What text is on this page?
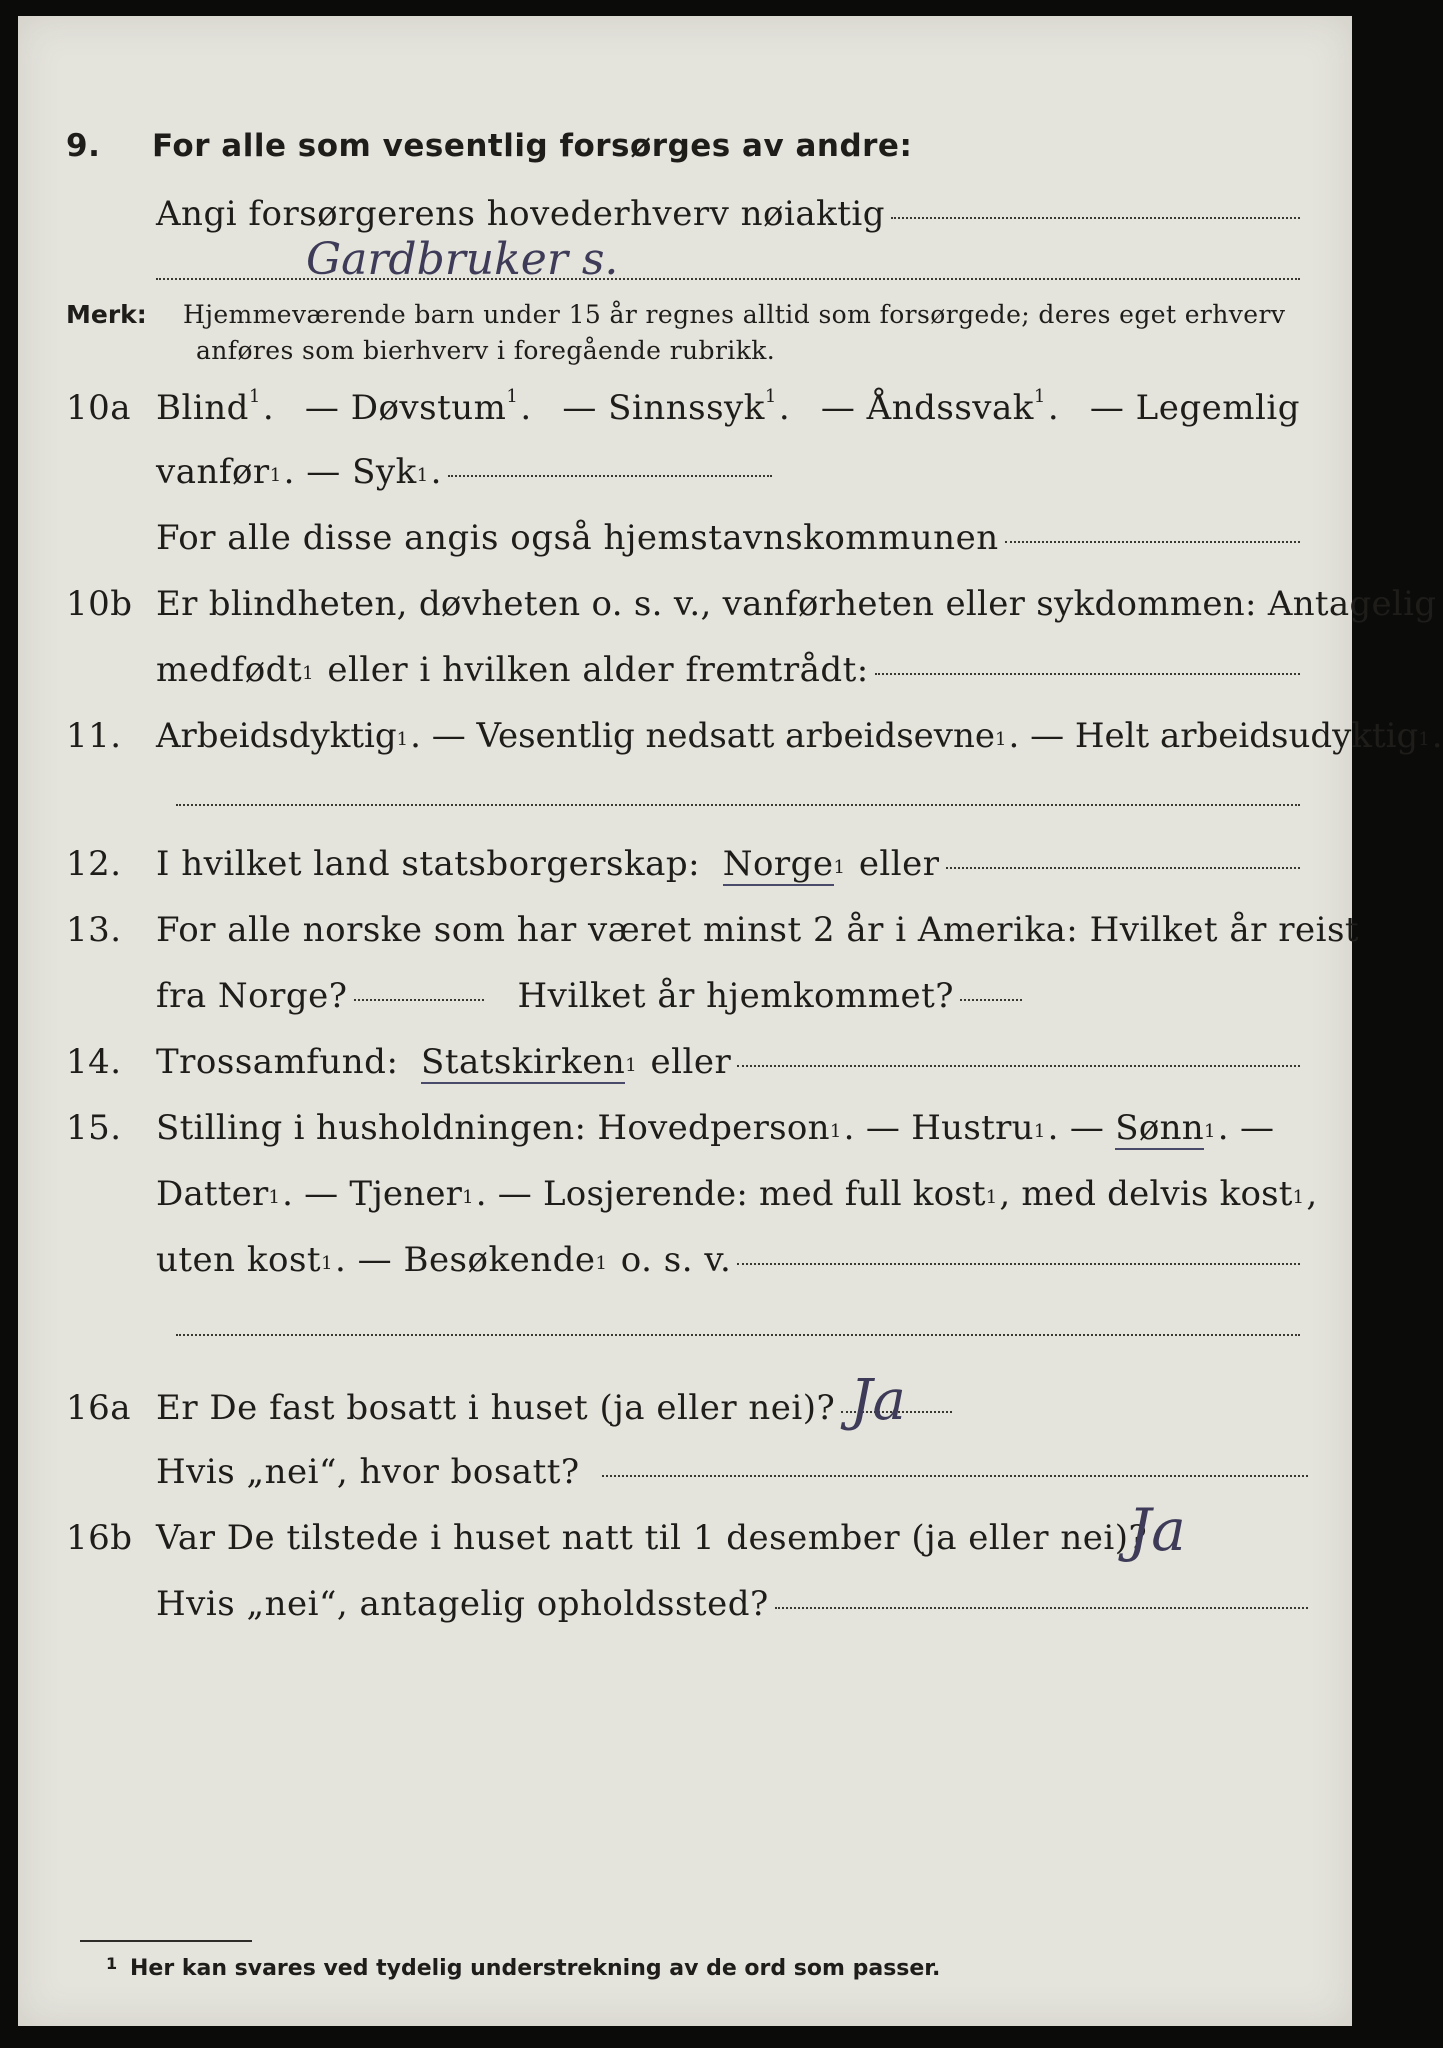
9. For alle som vesentlig forsørges av andre:
Angi forsørgerens hovederhverv nøiaktig
Gardbruker s.
Merk: Hjemmeværende barn under 15 år regnes alltid som forsørgede; deres eget erhverv
anføres som bierhverv i foregående rubrikk.
10a Blind$^1$. — Døvstum$^1$. — Sinnssyk$^1$. — Åndssvak$^1$. — Legemlig
vanfør$^1$ . — Syk$^1$ .
For alle disse angis også hjemstavnskommunen
10b Er blindheten, døvheten o. s. v., vanførheten eller sykdommen: Antagelig
medfødt$^1$
eller i hvilken alder fremtrådt:
11. Arbeidsdyktig$^1$ . — Vesentlig nedsatt arbeidsevne$^1$ . — Helt arbeidsudyktig$^1$ .
12. I hvilket land statsborgerskap:
Norge$^1$
eller
13. For alle norske som har været minst 2 år i Amerika: Hvilket år reist
fra Norge?	Hvilket år hjemkommet?
14. Trossamfund:
Statskirken$^1$
eller
15. Stilling i husholdningen: Hovedperson$^1$ . — Hustru$^1$ . —
Sønn$^1$ . —
Datter$^1$ . — Tjener$^1$ . — Losjerende: med full kost$^1$ , med delvis kost$^1$ ,
uten kost$^1$ . — Besøkende$^1$
o. s. v.
16a Er De fast bosatt i huset (ja eller nei)? Ja
Hvis „nei“, hvor bosatt?
16b Var De tilstede i huset natt til 1 desember (ja eller nei)?
Ja
Hvis „nei“, antagelig opholdssted?
1 Her kan svares ved tydelig understrekning av de ord som passer.
